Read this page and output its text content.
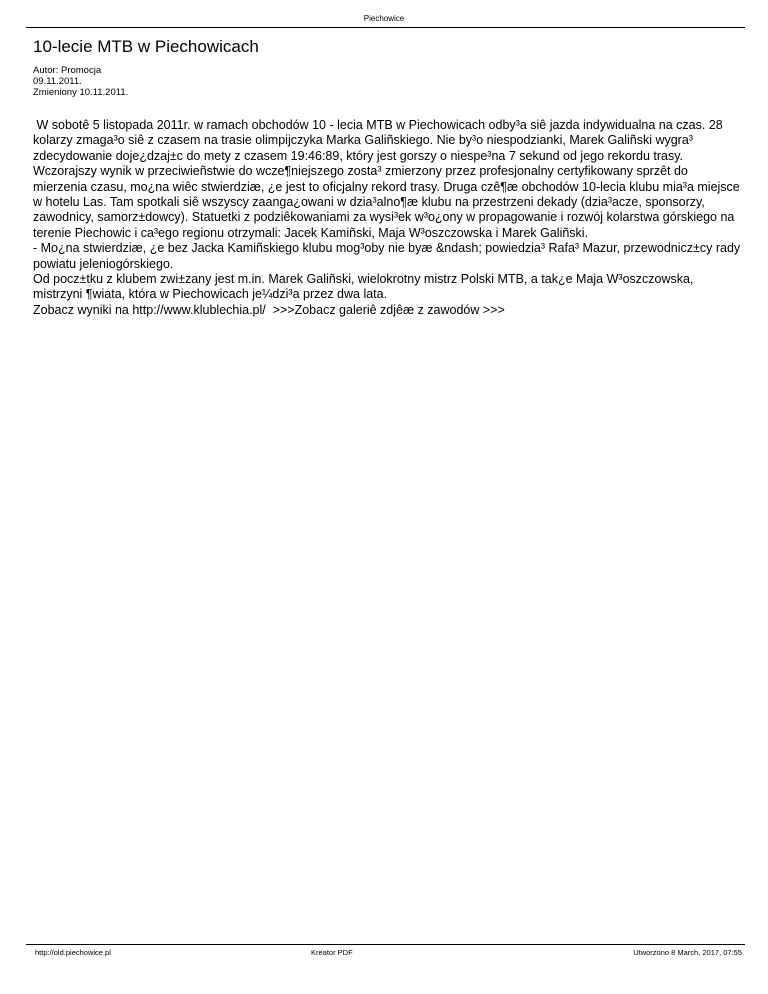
Piechowice
10-lecie MTB w Piechowicach
Autor: Promocja
09.11.2011.
Zmieniony 10.11.2011.

W sobotê 5 listopada 2011r. w ramach obchodów 10 - lecia MTB w Piechowicach odby³a siê jazda indywidualna na czas. 28 kolarzy zmaga³o siê z czasem na trasie olimpijczyka Marka Galiñskiego. Nie by³o niespodzianki, Marek Galiñski wygra³ zdecydowanie doje¿dzaj±c do mety z czasem 19:46:89, który jest gorszy o niespe³na 7 sekund od jego rekordu trasy. Wczorajszy wynik w przeciwieñstwie do wcze¶niejszego zosta³ zmierzony przez profesjonalny certyfikowany sprzêt do mierzenia czasu, mo¿na wiêc stwierdziæ, ¿e jest to oficjalny rekord trasy. Druga czê¶æ obchodów 10-lecia klubu mia³a miejsce w hotelu Las. Tam spotkali siê wszyscy zaanga¿owani w dzia³alno¶æ klubu na przestrzeni dekady (dzia³acze, sponsorzy, zawodnicy, samorz±dowcy). Statuetki z podziêkowaniami za wysi³ek w³o¿ony w propagowanie i rozwój kolarstwa górskiego na terenie Piechowic i ca³ego regionu otrzymali: Jacek Kamiñski, Maja W³oszczowska i Marek Galiñski.

- Mo¿na stwierdziæ, ¿e bez Jacka Kamiñskiego klubu mog³oby nie byæ &ndash; powiedzia³ Rafa³ Mazur, przewodnicz±cy rady powiatu jeleniogórskiego.

Od pocz±tku z klubem zwi±zany jest m.in. Marek Galiñski, wielokrotny mistrz Polski MTB, a tak¿e Maja W³oszczowska, mistrzyni ¶wiata, która w Piechowicach je¼dzi³a przez dwa lata.

Zobacz wyniki na http://www.klublechia.pl/  >>>Zobacz galeriê zdjêæ z zawodów >>>

http://old.piechowice.pl	Kreator PDF	Utworzono 8 March, 2017, 07:55
